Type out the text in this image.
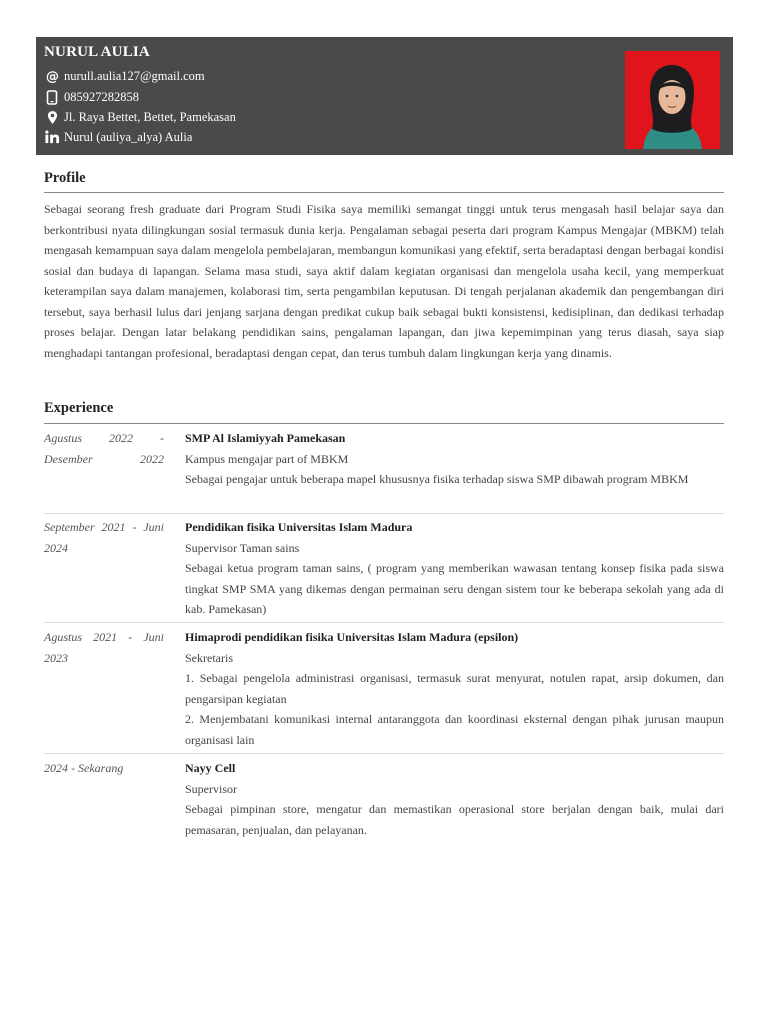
NURUL AULIA
@ nurull.aulia127@gmail.com
085927282858
Jl. Raya Bettet, Bettet, Pamekasan
Nurul (auliya_alya) Aulia
Profile
Sebagai seorang fresh graduate dari Program Studi Fisika saya memiliki semangat tinggi untuk terus mengasah hasil belajar saya dan berkontribusi nyata dilingkungan sosial termasuk dunia kerja. Pengalaman sebagai peserta dari program Kampus Mengajar (MBKM) telah mengasah kemampuan saya dalam mengelola pembelajaran, membangun komunikasi yang efektif, serta beradaptasi dengan berbagai kondisi sosial dan budaya di lapangan. Selama masa studi, saya aktif dalam kegiatan organisasi dan mengelola usaha kecil, yang memperkuat keterampilan saya dalam manajemen, kolaborasi tim, serta pengambilan keputusan. Di tengah perjalanan akademik dan pengembangan diri tersebut, saya berhasil lulus dari jenjang sarjana dengan predikat cukup baik sebagai bukti konsistensi, kedisiplinan, dan dedikasi terhadap proses belajar. Dengan latar belakang pendidikan sains, pengalaman lapangan, dan jiwa kepemimpinan yang terus diasah, saya siap menghadapi tantangan profesional, beradaptasi dengan cepat, dan terus tumbuh dalam lingkungan kerja yang dinamis.
Experience
Agustus 2022 - Desember 2022
SMP Al Islamiyyah Pamekasan
Kampus mengajar part of MBKM
Sebagai pengajar untuk beberapa mapel khususnya fisika terhadap siswa SMP dibawah program MBKM
September 2021 - Juni 2024
Pendidikan fisika Universitas Islam Madura
Supervisor Taman sains
Sebagai ketua program taman sains, ( program yang memberikan wawasan tentang konsep fisika pada siswa tingkat SMP SMA yang dikemas dengan permainan seru dengan sistem tour ke beberapa sekolah yang ada di kab. Pamekasan)
Agustus 2021 - Juni 2023
Himaprodi pendidikan fisika Universitas Islam Madura (epsilon)
Sekretaris
1. Sebagai pengelola administrasi organisasi, termasuk surat menyurat, notulen rapat, arsip dokumen, dan pengarsipan kegiatan
2. Menjembatani komunikasi internal antaranggota dan koordinasi eksternal dengan pihak jurusan maupun organisasi lain
2024 - Sekarang	Nayy Cell
Supervisor
Sebagai pimpinan store, mengatur dan memastikan operasional store berjalan dengan baik, mulai dari pemasaran, penjualan, dan pelayanan.
